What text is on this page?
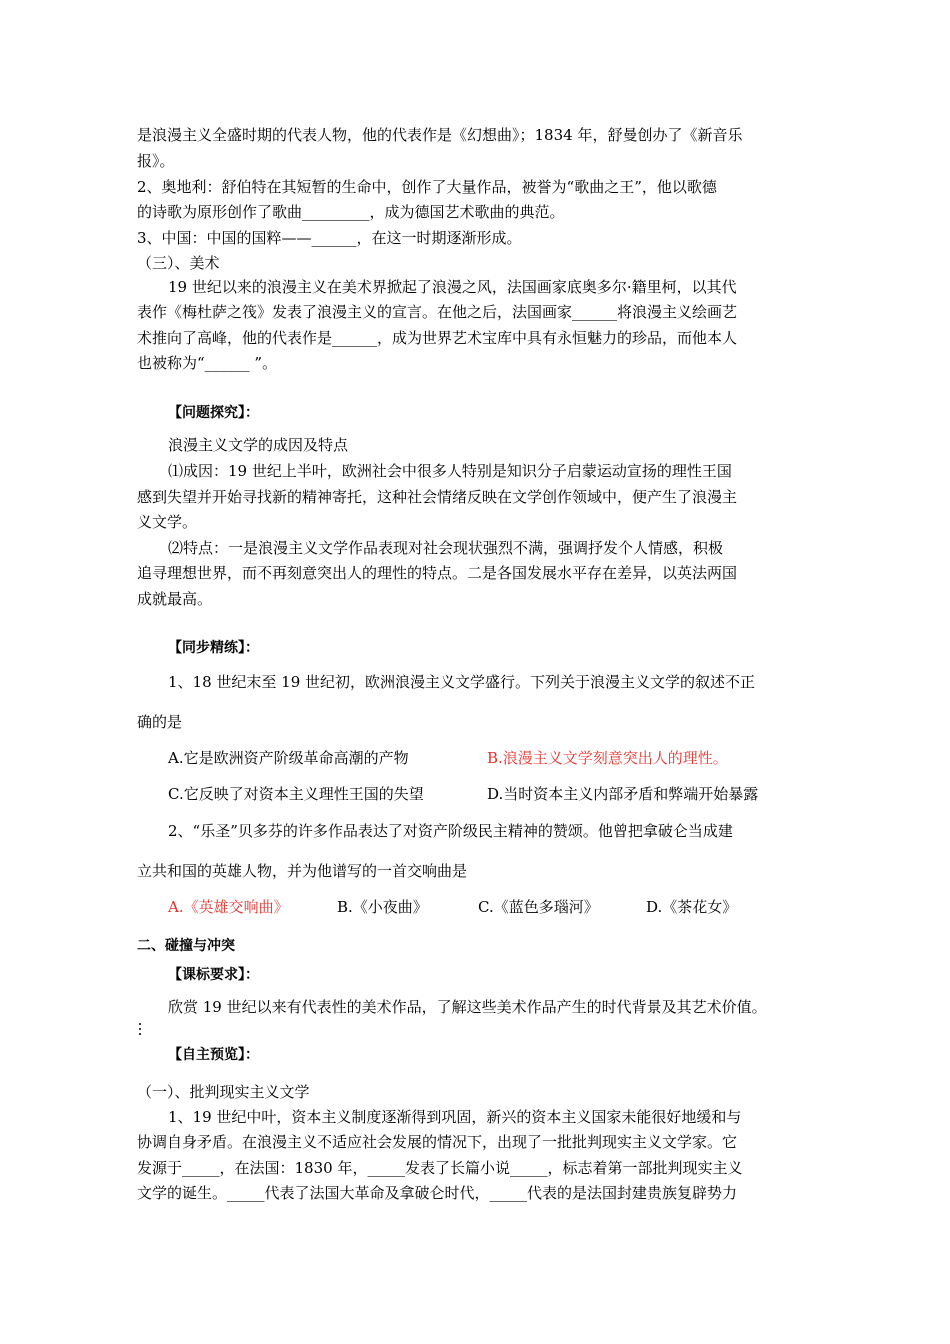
是浪漫主义全盛时期的代表人物，他的代表作是《幻想曲》；1834 年，舒曼创办了《新音乐
报》。
2、奥地利：舒伯特在其短暂的生命中，创作了大量作品，被誉为“歌曲之王”，他以歌德
的诗歌为原形创作了歌曲_________，成为德国艺术歌曲的典范。
3、中国：中国的国粹——______，在这一时期逐渐形成。
（三）、美术
19 世纪以来的浪漫主义在美术界掀起了浪漫之风，法国画家底奥多尔·籍里柯，以其代
表作《梅杜萨之筏》发表了浪漫主义的宣言。在他之后，法国画家______将浪漫主义绘画艺
术推向了高峰，他的代表作是______，成为世界艺术宝库中具有永恒魅力的珍品，而他本人
也被称为“______ ”。
【问题探究】：
浪漫主义文学的成因及特点
⑴成因：19 世纪上半叶，欧洲社会中很多人特别是知识分子启蒙运动宣扬的理性王国
感到失望并开始寻找新的精神寄托，这种社会情绪反映在文学创作领域中，便产生了浪漫主
义文学。
⑵特点：一是浪漫主义文学作品表现对社会现状强烈不满，强调抒发个人情感，积极
追寻理想世界，而不再刻意突出人的理性的特点。二是各国发展水平存在差异，以英法两国
成就最高。
【同步精练】：
1、18 世纪末至 19 世纪初，欧洲浪漫主义文学盛行。下列关于浪漫主义文学的叙述不正
确的是
A.它是欧洲资产阶级革命高潮的产物	B.浪漫主义文学刻意突出人的理性。
C.它反映了对资本主义理性王国的失望	D.当时资本主义内部矛盾和弊端开始暴露
2、“乐圣”贝多芬的许多作品表达了对资产阶级民主精神的赞颂。他曾把拿破仑当成建
立共和国的英雄人物，并为他谱写的一首交响曲是
A.《英雄交响曲》	B.《小夜曲》	C.《蓝色多瑙河》	D.《茶花女》
二、碰撞与冲突
【课标要求】：
欣赏 19 世纪以来有代表性的美术作品，了解这些美术作品产生的时代背景及其艺术价值。
【自主预览】：
（一）、批判现实主义文学
1、19 世纪中叶，资本主义制度逐渐得到巩固，新兴的资本主义国家未能很好地缓和与
协调自身矛盾。在浪漫主义不适应社会发展的情况下，出现了一批批判现实主义文学家。它
发源于_____，在法国：1830 年，_____发表了长篇小说_____，标志着第一部批判现实主义
文学的诞生。_____代表了法国大革命及拿破仑时代，_____代表的是法国封建贵族复辟势力
